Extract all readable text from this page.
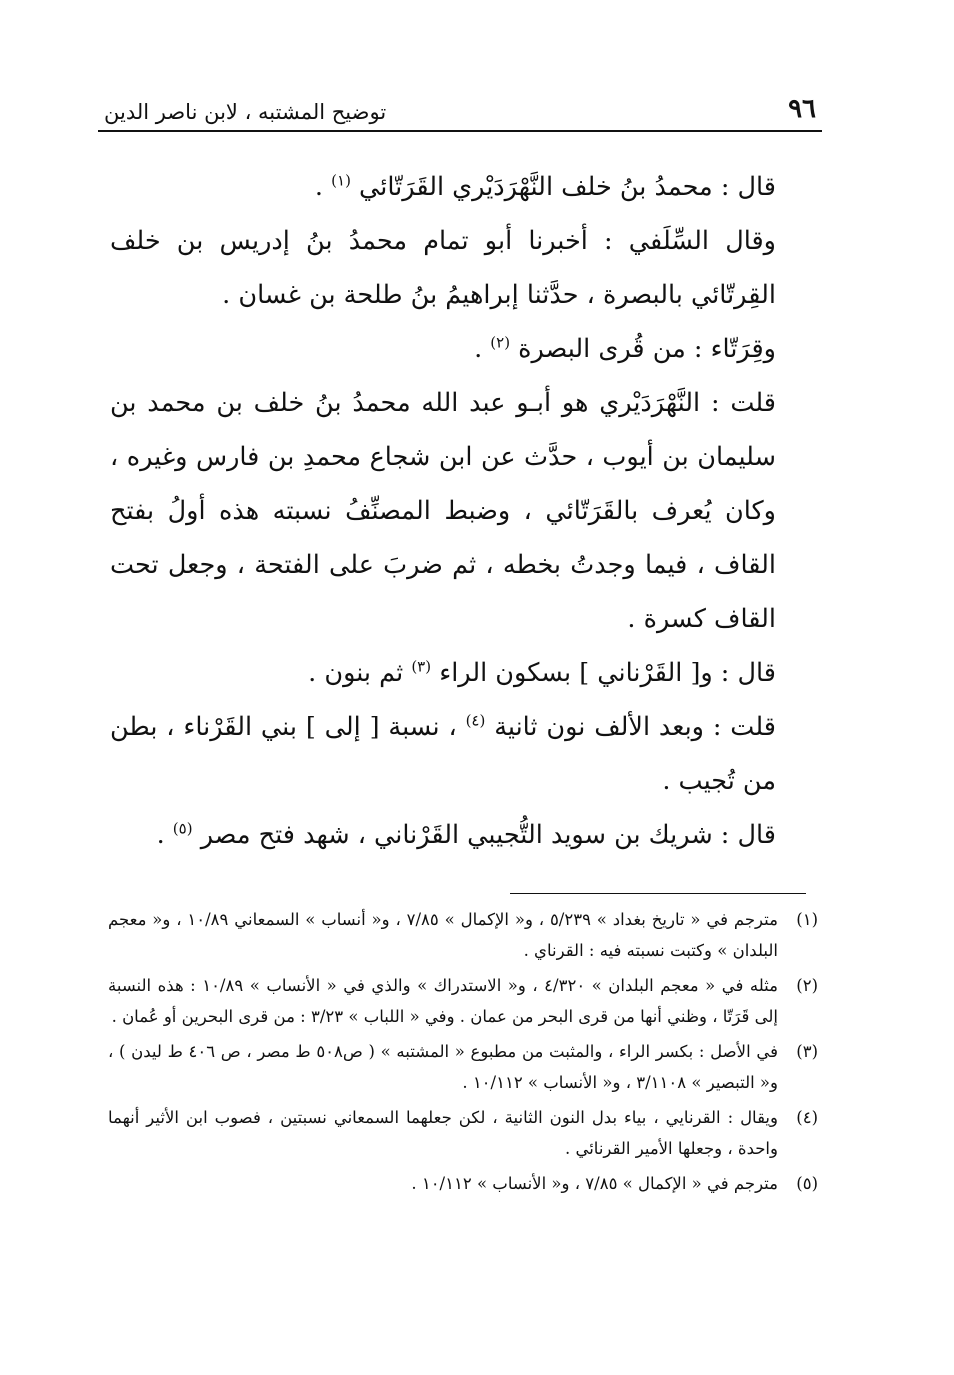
٩٦
توضيح المشتبه ، لابن ناصر الدين

قال : محمدُ بنُ خلف النَّهْرَدَيْري القَرَتّائي $^{(١)}$ .

وقال السِّلَفي : أخبرنا أبو تمام محمدُ بنُ إدريس بن خلف القِرتّائي بالبصرة ، حدَّثنا إبراهيمُ بنُ طلحة بن غسان .

وقِرَتّاء : من قُرى البصرة $^{(٢)}$ .

قلت : النَّهْرَدَيْري هو أبـو عبد الله محمدُ بنُ خلف بن محمد بن سليمان بن أيوب ، حدَّث عن ابن شجاع محمدِ بن فارس وغيره ، وكان يُعرف بالقَرَتّائي ، وضبط المصنِّفُ نسبته هذه أولُ بفتح القاف ، فيما وجدتُ بخطه ، ثم ضربَ على الفتحة ، وجعل تحت القاف كسرة .

قال : و[ القَرْناني ] بسكون الراء $^{(٣)}$ ثم بنون .

قلت : وبعد الألف نون ثانية $^{(٤)}$ ، نسبة [ إلى ] بني القَرْناء ، بطن من تُجيب .

قال : شريك بن سويد التُّجيبي القَرْناني ، شهد فتح مصر $^{(٥)}$ .

(١)
مترجم في « تاريخ بغداد » ٥/٢٣٩ ، و« الإكمال » ٧/٨٥ ، و« أنساب » السمعاني ١٠/٨٩ ، و« معجم البلدان » وكتبت نسبته فيه : القرناي .
(٢)
مثله في « معجم البلدان » ٤/٣٢٠ ، و« الاستدراك » والذي في « الأنساب » ١٠/٨٩ : هذه النسبة إلى قَرَتّا ، وظني أنها من قرى البحر من عمان . وفي « اللباب » ٣/٢٣ : من قرى البحرين أو عُمان .
(٣)
في الأصل : بكسر الراء ، والمثبت من مطبوع « المشتبه » ( ص٥٠٨ ط مصر ، ص ٤٠٦ ط ليدن ) ، و« التبصير » ٣/١١٠٨ ، و« الأنساب » ١٠/١١٢ .
(٤)
ويقال : القرنايي ، بياء بدل النون الثانية ، لكن جعلهما السمعاني نسبتين ، فصوب ابن الأثير أنهما واحدة ، وجعلها الأمير القرنائي .
(٥)
مترجم في « الإكمال » ٧/٨٥ ، و« الأنساب » ١٠/١١٢ .
